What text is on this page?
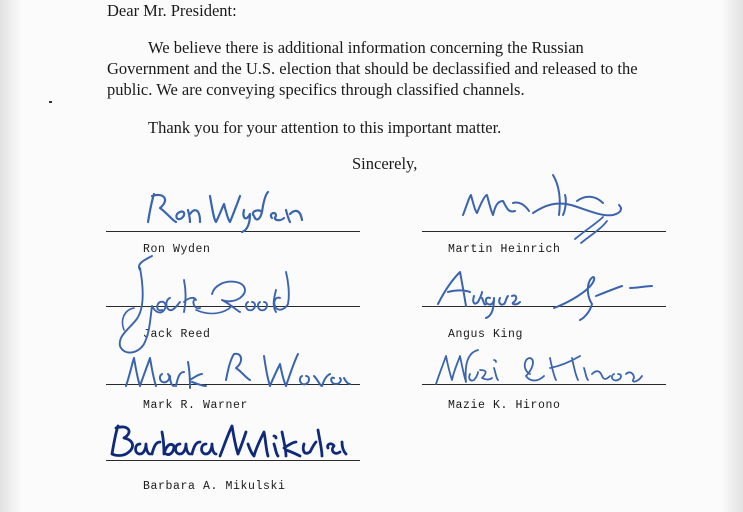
Dear Mr. President:
We believe there is additional information concerning the Russian
Government and the U.S. election that should be declassified and released to the
public. We are conveying specifics through classified channels.
Thank you for your attention to this important matter.
Sincerely,
Ron Wyden	Martin Heinrich
Jack Reed	Angus King
Mark R. Warner	Mazie K. Hirono
Barbara A. Mikulski
